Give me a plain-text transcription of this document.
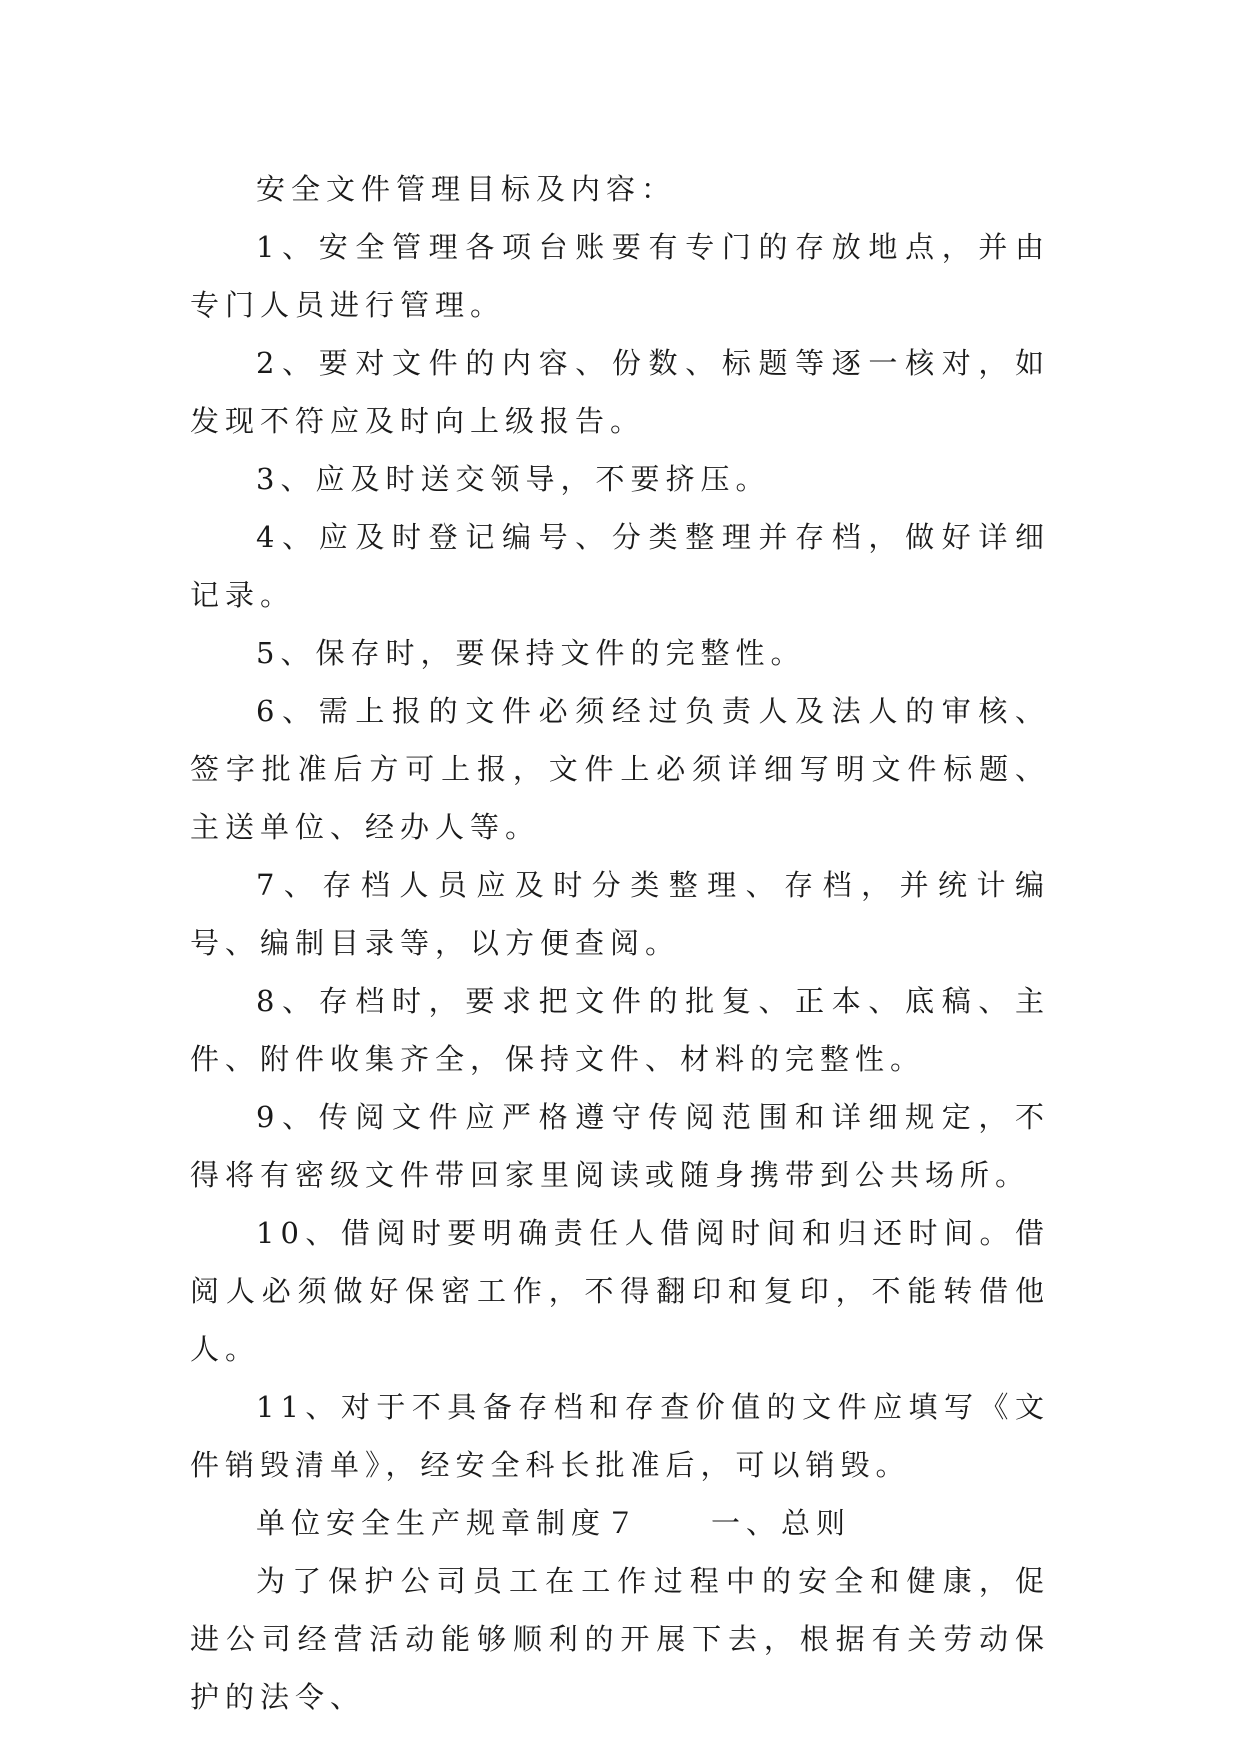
安全文件管理目标及内容：

1、安全管理各项台账要有专门的存放地点，并由专门人员进行管理。

2、要对文件的内容、份数、标题等逐一核对，如发现不符应及时向上级报告。

3、应及时送交领导，不要挤压。

4、应及时登记编号、分类整理并存档，做好详细记录。

5、保存时，要保持文件的完整性。

6、需上报的文件必须经过负责人及法人的审核、签字批准后方可上报，文件上必须详细写明文件标题、主送单位、经办人等。

7、存档人员应及时分类整理、存档，并统计编号、编制目录等，以方便查阅。

8、存档时，要求把文件的批复、正本、底稿、主件、附件收集齐全，保持文件、材料的完整性。

9、传阅文件应严格遵守传阅范围和详细规定，不得将有密级文件带回家里阅读或随身携带到公共场所。

10、借阅时要明确责任人借阅时间和归还时间。借阅人必须做好保密工作，不得翻印和复印，不能转借他人。

11、对于不具备存档和存查价值的文件应填写《文件销毁清单》，经安全科长批准后，可以销毁。

单位安全生产规章制度７　　一、总则

为了保护公司员工在工作过程中的安全和健康，促进公司经营活动能够顺利的开展下去，根据有关劳动保护的法令、
